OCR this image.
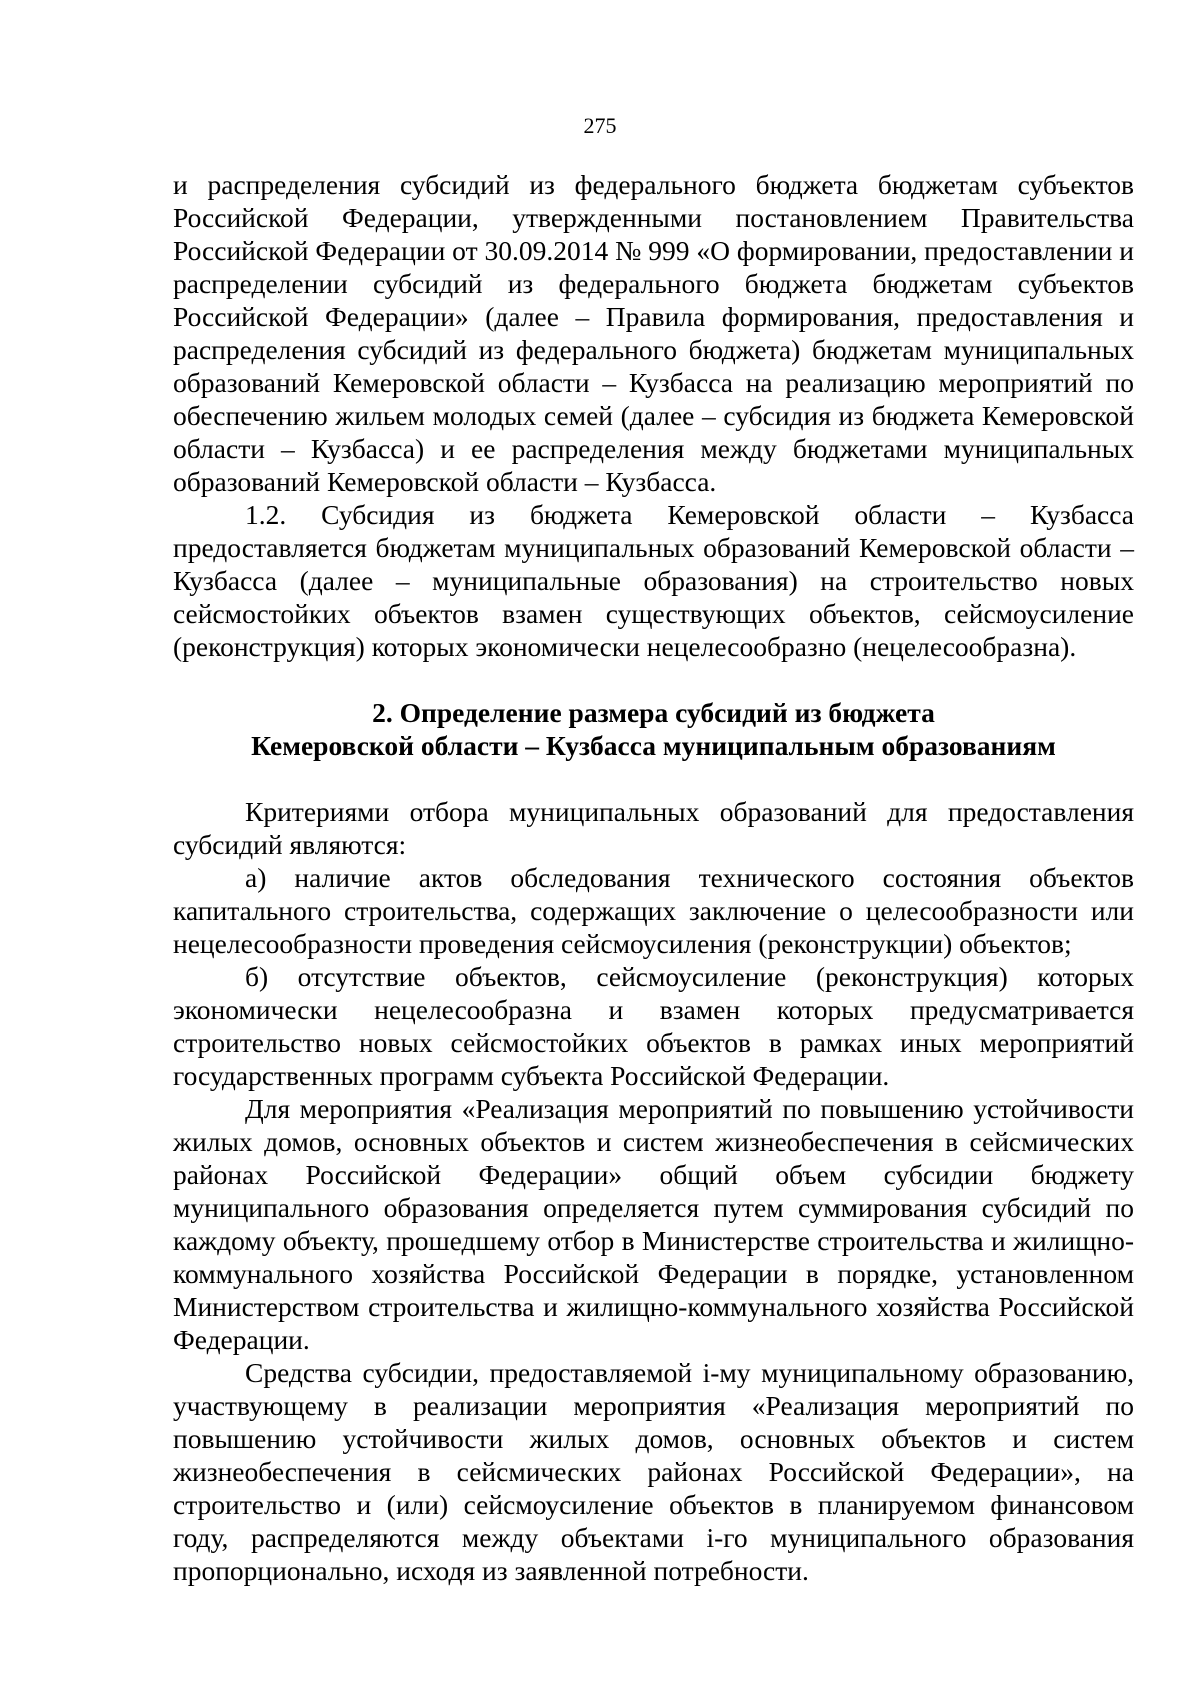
275

и распределения субсидий из федерального бюджета бюджетам субъектов Российской Федерации, утвержденными постановлением Правительства Российской Федерации от 30.09.2014 № 999 «О формировании, предоставлении и распределении субсидий из федерального бюджета бюджетам субъектов Российской Федерации» (далее – Правила формирования, предоставления и распределения субсидий из федерального бюджета) бюджетам муниципальных образований Кемеровской области – Кузбасса на реализацию мероприятий по обеспечению жильем молодых семей (далее – субсидия из бюджета Кемеровской области – Кузбасса) и ее распределения между бюджетами муниципальных образований Кемеровской области – Кузбасса.

1.2. Субсидия из бюджета Кемеровской области – Кузбасса предоставляется бюджетам муниципальных образований Кемеровской области – Кузбасса (далее – муниципальные образования) на строительство новых сейсмостойких объектов взамен существующих объектов, сейсмоусиление (реконструкция) которых экономически нецелесообразно (нецелесообразна).

2. Определение размера субсидий из бюджета
Кемеровской области – Кузбасса муниципальным образованиям

Критериями отбора муниципальных образований для предоставления субсидий являются:

а) наличие актов обследования технического состояния объектов капитального строительства, содержащих заключение о целесообразности или нецелесообразности проведения сейсмоусиления (реконструкции) объектов;

б) отсутствие объектов, сейсмоусиление (реконструкция) которых экономически нецелесообразна и взамен которых предусматривается строительство новых сейсмостойких объектов в рамках иных мероприятий государственных программ субъекта Российской Федерации.

Для мероприятия «Реализация мероприятий по повышению устойчивости жилых домов, основных объектов и систем жизнеобеспечения в сейсмических районах Российской Федерации» общий объем субсидии бюджету муниципального образования определяется путем суммирования субсидий по каждому объекту, прошедшему отбор в Министерстве строительства и жилищно-коммунального хозяйства Российской Федерации в порядке, установленном Министерством строительства и жилищно-коммунального хозяйства Российской Федерации.

Средства субсидии, предоставляемой i-му муниципальному образованию, участвующему в реализации мероприятия «Реализация мероприятий по повышению устойчивости жилых домов, основных объектов и систем жизнеобеспечения в сейсмических районах Российской Федерации», на строительство и (или) сейсмоусиление объектов в планируемом финансовом году, распределяются между объектами i-го муниципального образования пропорционально, исходя из заявленной потребности.
